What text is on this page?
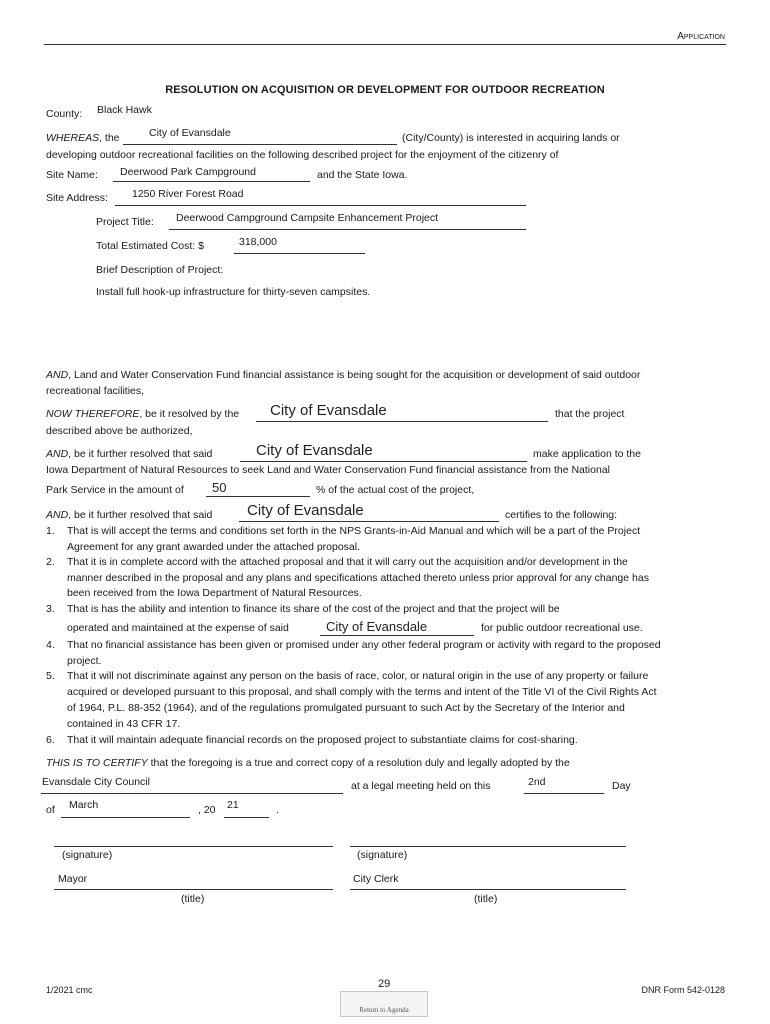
Application
RESOLUTION ON ACQUISITION OR DEVELOPMENT FOR OUTDOOR RECREATION
County: Black Hawk
WHEREAS, the	City of Evansdale	(City/County) is interested in acquiring lands or
developing outdoor recreational facilities on the following described project for the enjoyment of the citizenry of
Site Name: Deerwood Park Campground	and the State Iowa.
Site Address: 1250 River Forest Road
Project Title: Deerwood Campground Campsite Enhancement Project
Total Estimated Cost: $	318,000
Brief Description of Project:
Install full hook-up infrastructure for thirty-seven campsites.
AND, Land and Water Conservation Fund financial assistance is being sought for the acquisition or development of said outdoor
recreational facilities,
NOW THEREFORE, be it resolved by the City of Evansdale	that the project
described above be authorized,
AND, be it further resolved that said	City of Evansdale	make application to the
Iowa Department of Natural Resources to seek Land and Water Conservation Fund financial assistance from the National
Park Service in the amount of 50	% of the actual cost of the project,
AND, be it further resolved that said City of Evansdale	certifies to the following:
1. That is will accept the terms and conditions set forth in the NPS Grants-in-Aid Manual and which will be a part of the Project
Agreement for any grant awarded under the attached proposal.
2. That it is in complete accord with the attached proposal and that it will carry out the acquisition and/or development in the
manner described in the proposal and any plans and specifications attached thereto unless prior approval for any change has
been received from the Iowa Department of Natural Resources.
3. That is has the ability and intention to finance its share of the cost of the project and that the project will be
operated and maintained at the expense of said	City of Evansdale	for public outdoor recreational use.
4. That no financial assistance has been given or promised under any other federal program or activity with regard to the proposed
project.
5. That it will not discriminate against any person on the basis of race, color, or natural origin in the use of any property or failure
acquired or developed pursuant to this proposal, and shall comply with the terms and intent of the Title VI of the Civil Rights Act
of 1964, P.L. 88-352 (1964), and of the regulations promulgated pursuant to such Act by the Secretary of the Interior and
contained in 43 CFR 17.
6. That it will maintain adequate financial records on the proposed project to substantiate claims for cost-sharing.
THIS IS TO CERTIFY that the foregoing is a true and correct copy of a resolution duly and legally adopted by the
Evansdale City Council	at a legal meeting held on this	2nd	Day
of March	, 20 21	.
(signature)
Mayor
(title)
(signature)
City Clerk
(title)
1/2021 cmc	29	DNR Form 542-0128
Return to Agenda
